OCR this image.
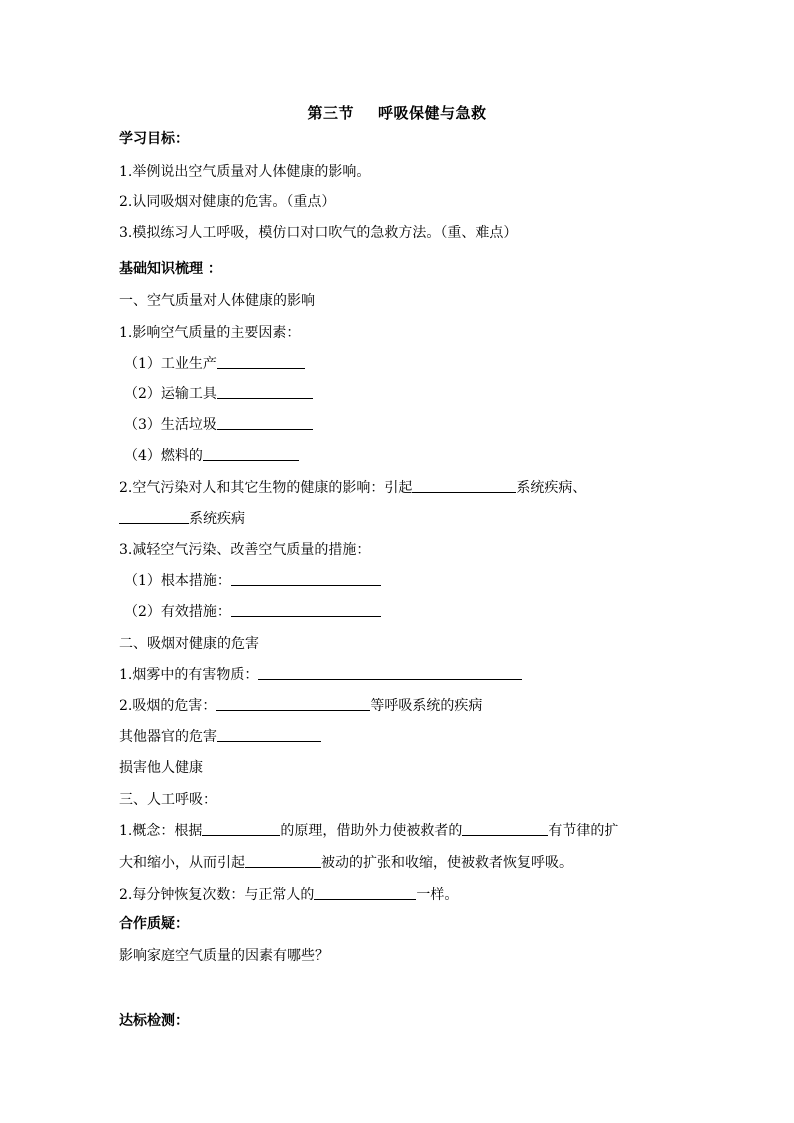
第三节 呼吸保健与急救
学习目标：
1.举例说出空气质量对人体健康的影响。
2.认同吸烟对健康的危害。（重点）
3.模拟练习人工呼吸，模仿口对口吹气的急救方法。（重、难点）
基础知识梳理 ：
一、空气质量对人体健康的影响
1.影响空气质量的主要因素：
（1）工业生产
（2）运输工具
（3）生活垃圾
（4）燃料的
2.空气污染对人和其它生物的健康的影响：引起	系统疾病、
系统疾病
3.减轻空气污染、改善空气质量的措施：
（1）根本措施：
（2）有效措施：
二、吸烟对健康的危害
1.烟雾中的有害物质：
2.吸烟的危害：	等呼吸系统的疾病
其他器官的危害
损害他人健康
三、人工呼吸：
1.概念：根据	的原理，借助外力使被救者的	有节律的扩
大和缩小，从而引起	被动的扩张和收缩，使被救者恢复呼吸。
2.每分钟恢复次数：与正常人的	一样。
合作质疑：
影响家庭空气质量的因素有哪些？
达标检测：
